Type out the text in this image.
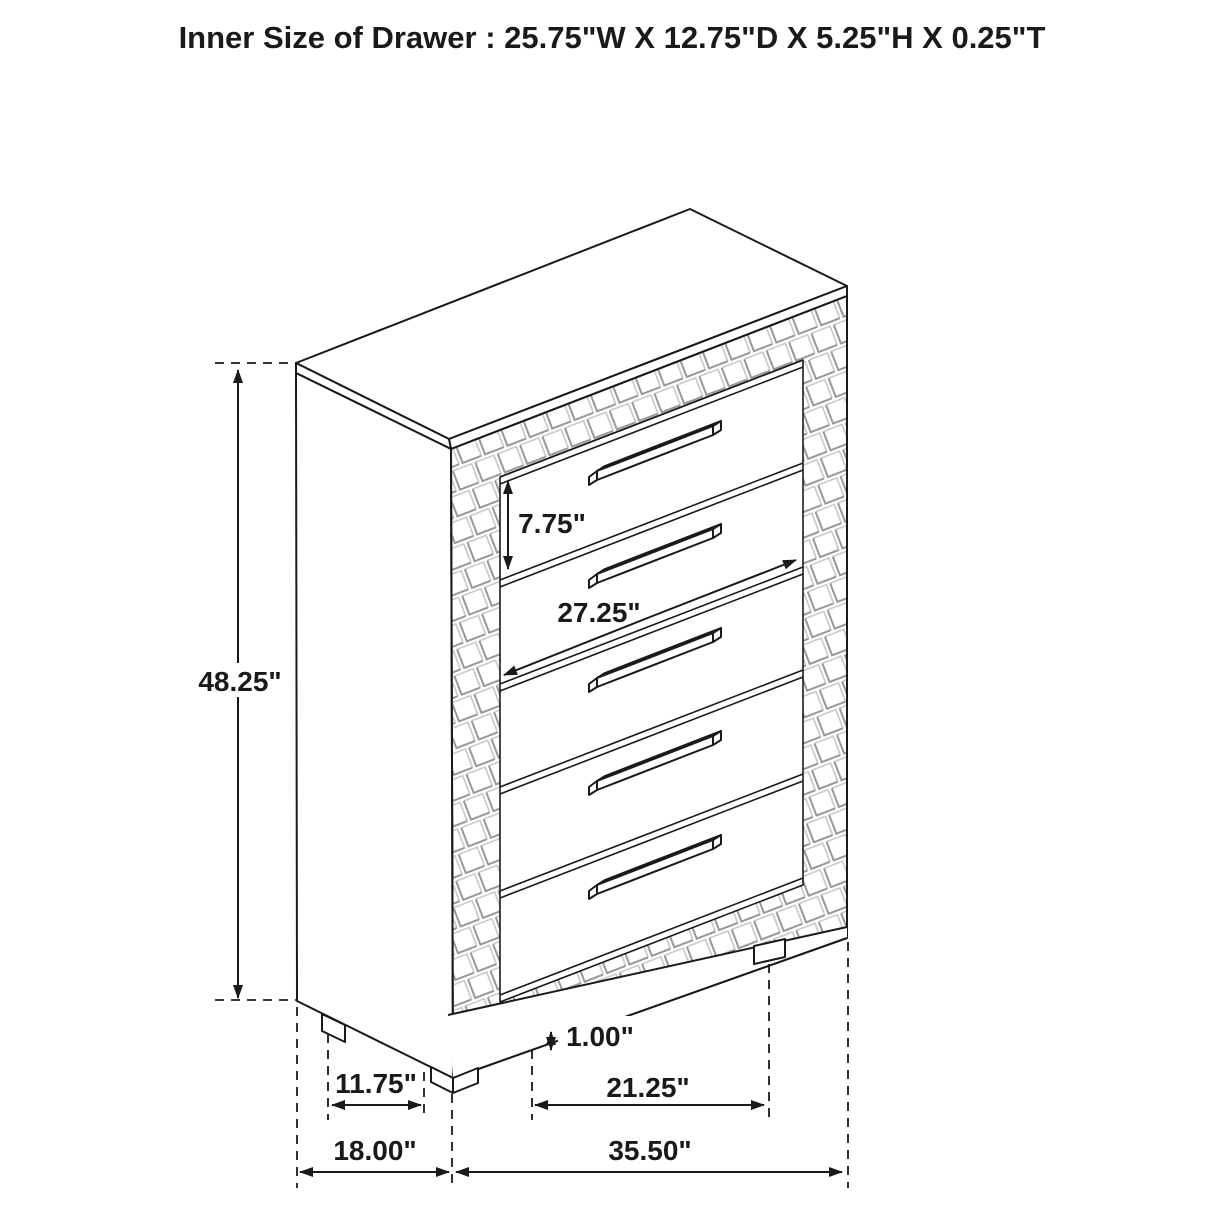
48.25"
7.75"
27.25"
1.00"
11.75"	21.25"
18.00"	35.50"
Inner Size of Drawer : 25.75"W X 12.75"D X 5.25"H X 0.25"T
